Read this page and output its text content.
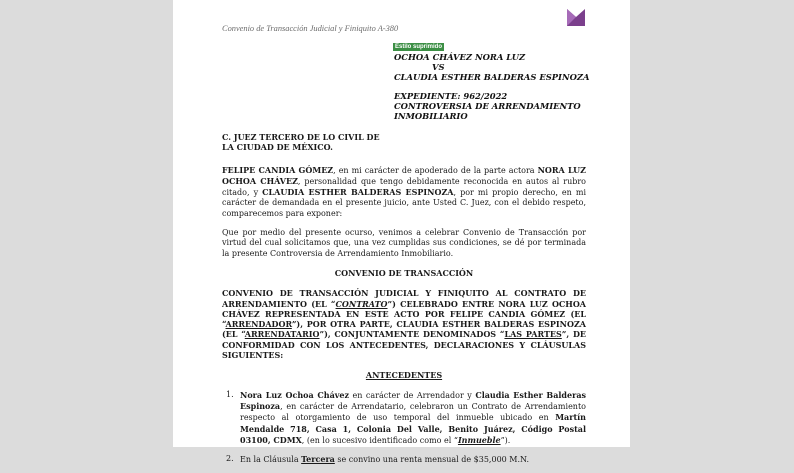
Convenio de Transacción Judicial y Finiquito A-380
Estilo suprimido
OCHOA CHÁVEZ NORA LUZ
VS
CLAUDIA ESTHER BALDERAS ESPINOZA
EXPEDIENTE: 962/2022
CONTROVERSIA DE ARRENDAMIENTO
INMOBILIARIO
C. JUEZ TERCERO DE LO CIVIL DE
LA CIUDAD DE MÉXICO.
FELIPE CANDIA GÓMEZ, en mi carácter de apoderado de la parte actora NORA LUZ OCHOA CHÁVEZ, personalidad que tengo debidamente reconocida en autos al rubro citado, y CLAUDIA ESTHER BALDERAS ESPINOZA, por mi propio derecho, en mi carácter de demandada en el presente juicio, ante Usted C. Juez, con el debido respeto, comparecemos para exponer:
Que por medio del presente ocurso, venimos a celebrar Convenio de Transacción por virtud del cual solicitamos que, una vez cumplidas sus condiciones, se dé por terminada la presente Controversia de Arrendamiento Inmobiliario.
CONVENIO DE TRANSACCIÓN
CONVENIO DE TRANSACCIÓN JUDICIAL Y FINIQUITO AL CONTRATO DE ARRENDAMIENTO (EL “CONTRATO”) CELEBRADO ENTRE NORA LUZ OCHOA CHÁVEZ REPRESENTADA EN ESTE ACTO POR FELIPE CANDIA GÓMEZ (EL “ARRENDADOR”), POR OTRA PARTE, CLAUDIA ESTHER BALDERAS ESPINOZA (EL “ARRENDATARIO”), CONJUNTAMENTE DENOMINADOS “LAS PARTES”, DE CONFORMIDAD CON LOS ANTECEDENTES, DECLARACIONES Y CLÁUSULAS SIGUIENTES:
ANTECEDENTES
1. Nora Luz Ochoa Chávez en carácter de Arrendador y Claudia Esther Balderas Espinoza, en carácter de Arrendatario, celebraron un Contrato de Arrendamiento respecto al otorgamiento de uso temporal del inmueble ubicado en Martín Mendalde 718, Casa 1, Colonia Del Valle, Benito Juárez, Código Postal 03100, CDMX, (en lo sucesivo identificado como el “Inmueble”).
2. En la Cláusula Tercera se convino una renta mensual de $35,000 M.N.
